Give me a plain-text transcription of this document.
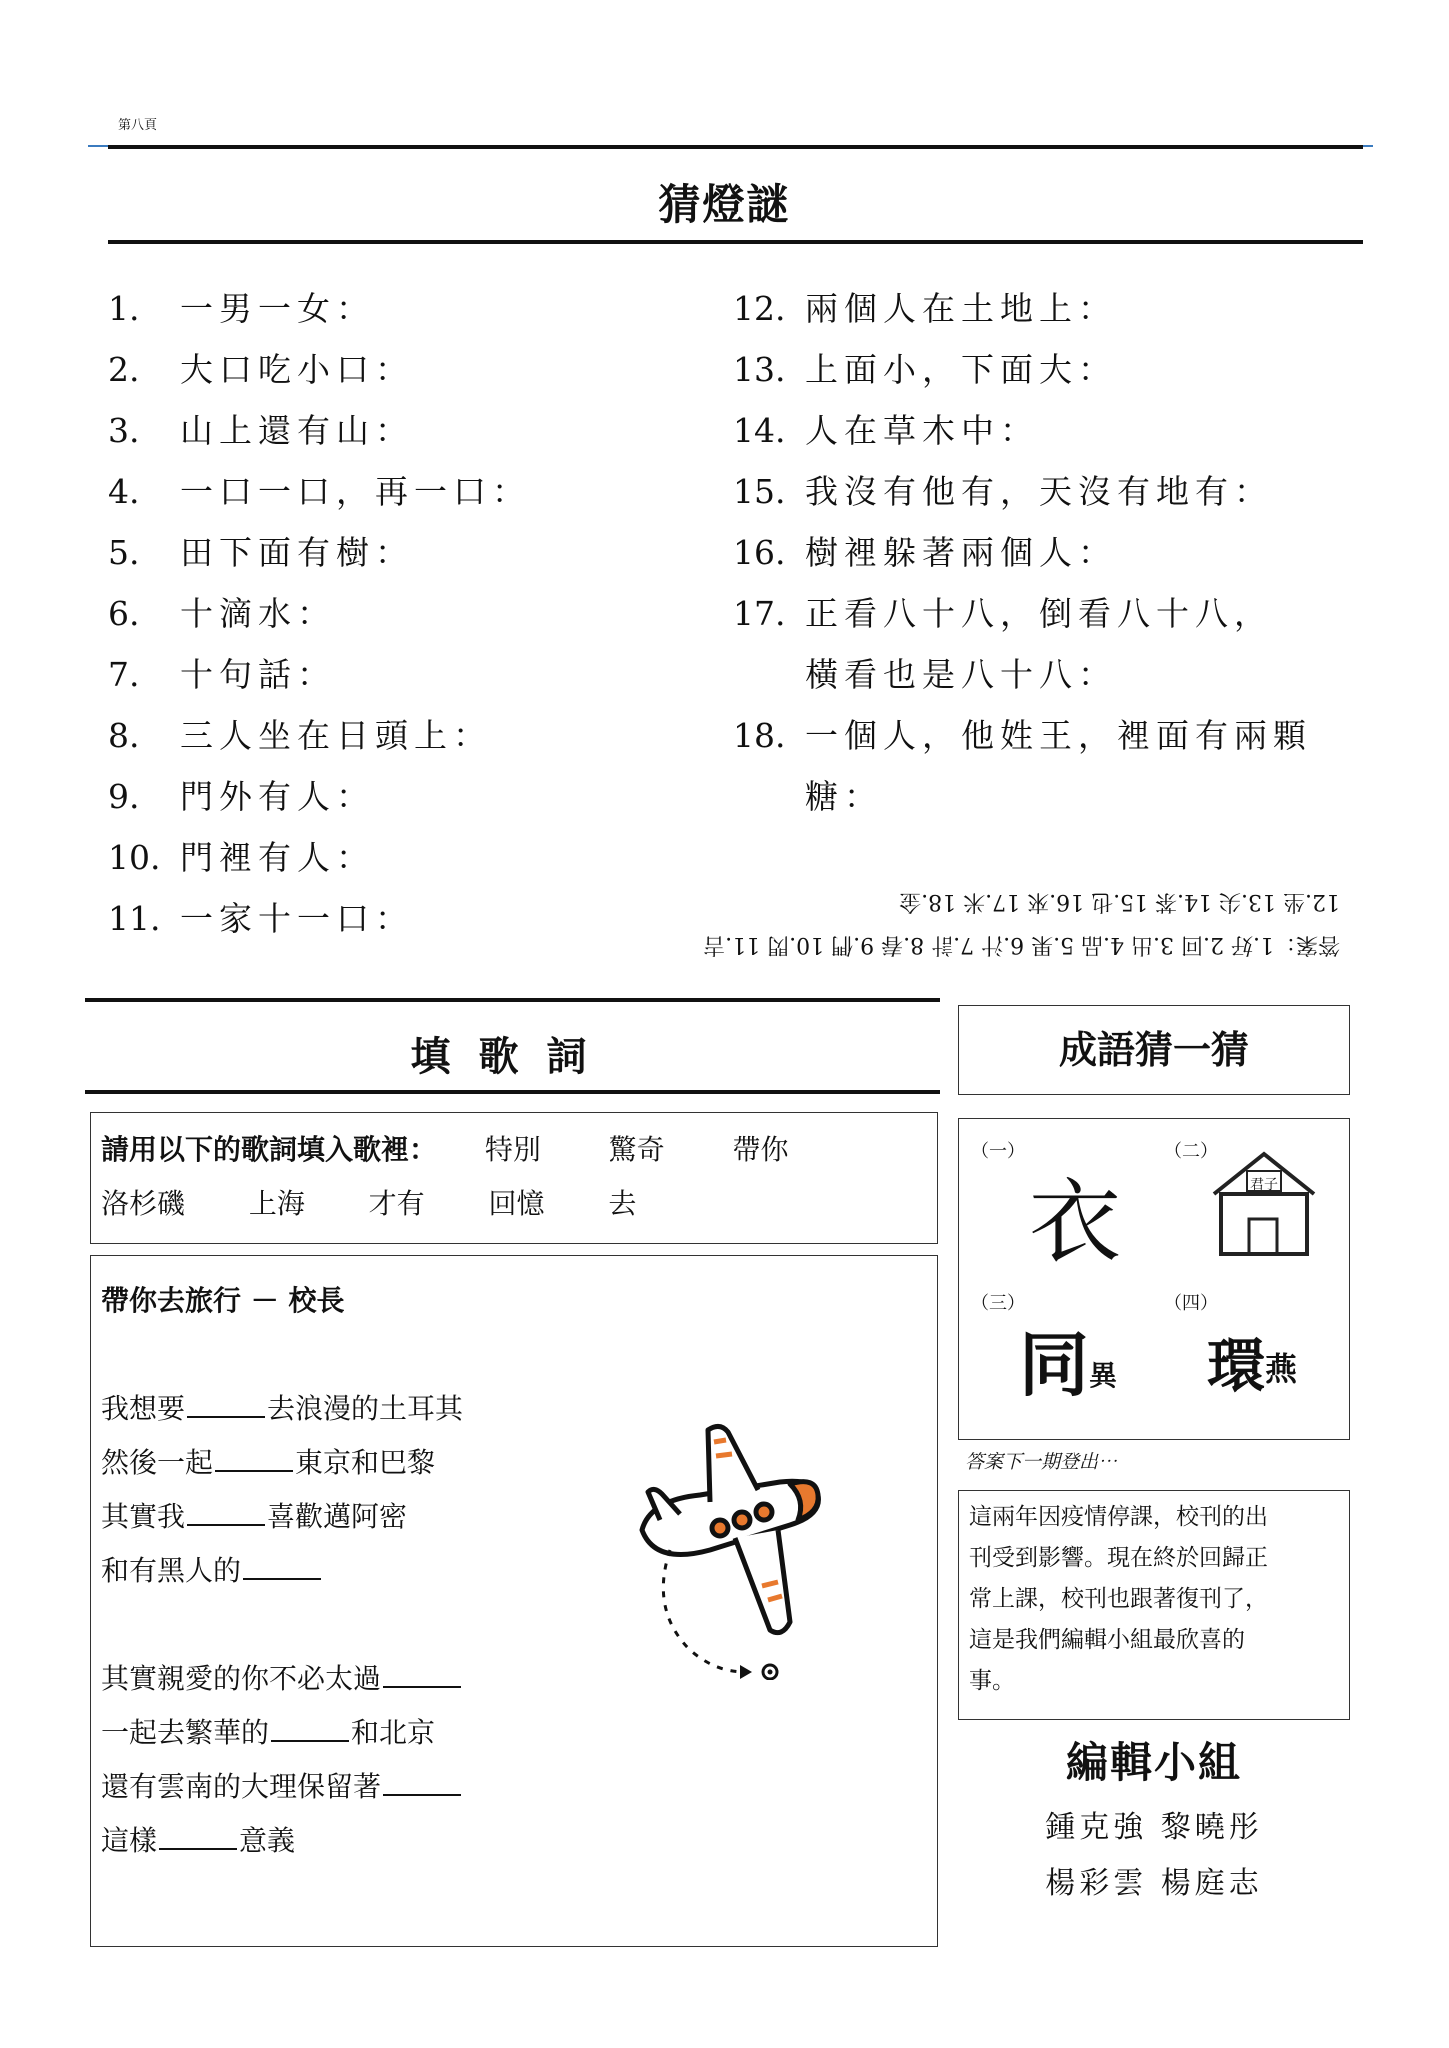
第八頁
猜燈謎
1.	一男一女：
2.	大口吃小口：
3.	山上還有山：
4.	一口一口，再一口：
5.	田下面有樹：
6.	十滴水：
7.	十句話：
8.	三人坐在日頭上：
9.	門外有人：
10. 門裡有人：
11. 一家十一口：
12. 兩個人在土地上：
13. 上面小，下面大：
14. 人在草木中：
15. 我沒有他有，天沒有地有：
16. 樹裡躲著兩個人：
17. 正看八十八，倒看八十八，
橫看也是八十八：
18. 一個人，他姓王，裡面有兩顆
糖：
答案：1.好 2.回 3.出 4.品 5.果 6.汁 7.計 8.春 9.們 10.閃 11.吉
12.坐 13.尖 14.茶 15.也 16.來 17.米 18.金
填歌詞
請用以下的歌詞填入歌裡： 特別 驚奇 帶你
洛杉磯 上海 才有 回憶 去
帶你去旅行 － 校長
我想要	去浪漫的土耳其
然後一起	東京和巴黎
其實我	喜歡邁阿密
和有黑人的
其實親愛的你不必太過
一起去繁華的	和北京
還有雲南的大理保留著
這樣	意義
成語猜一猜
（一）	（二）
（三）	（四）
衣	君子
同 異 環 燕
答案下一期登出⋯
這兩年因疫情停課，校刊的出
刊受到影響。現在終於回歸正
常上課，校刊也跟著復刊了，
這是我們編輯小組最欣喜的
事。
編輯小組
鍾克強 黎曉彤
楊彩雲 楊庭志
